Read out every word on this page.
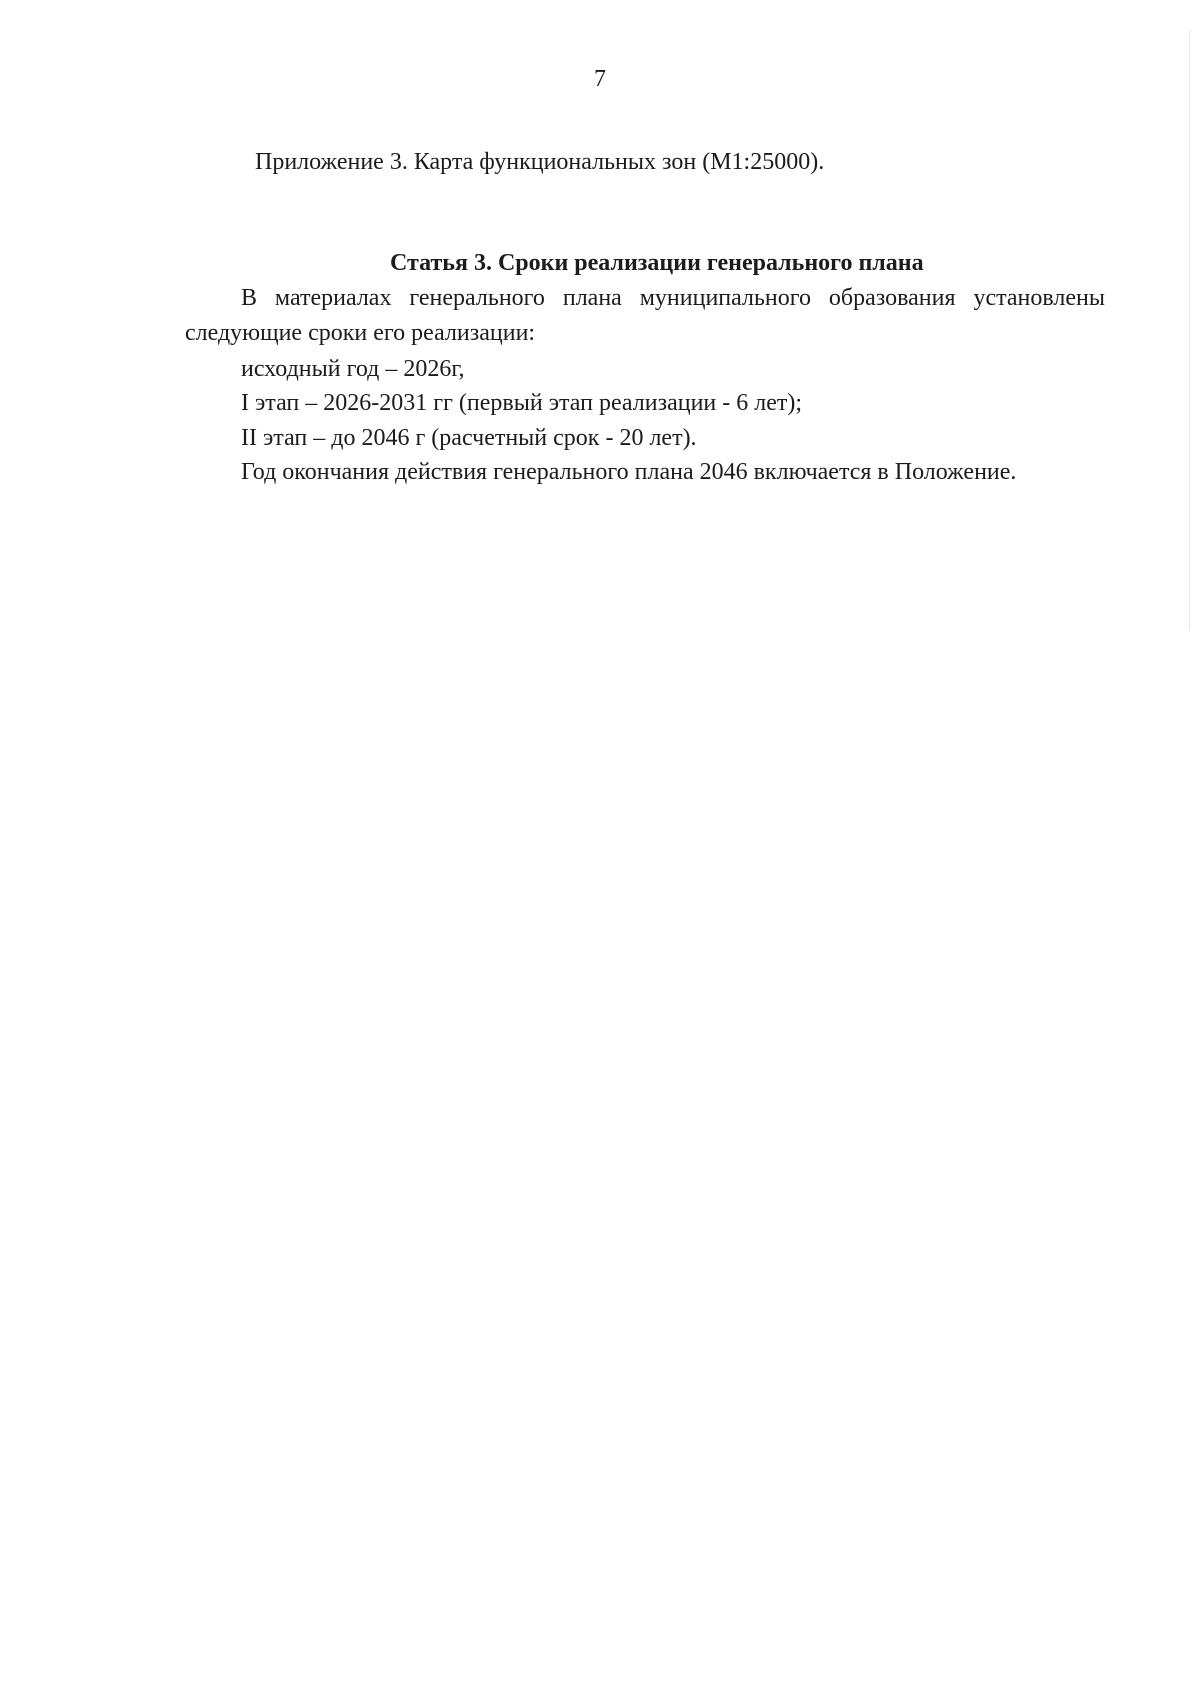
7
Приложение 3. Карта функциональных зон (М1:25000).
Статья 3. Сроки реализации генерального плана
В материалах генерального плана муниципального образования установлены следующие сроки его реализации:
исходный год – 2026г,
I этап – 2026-2031 гг (первый этап реализации - 6 лет);
II этап – до 2046 г (расчетный срок - 20 лет).
Год окончания действия генерального плана 2046 включается в Положение.
